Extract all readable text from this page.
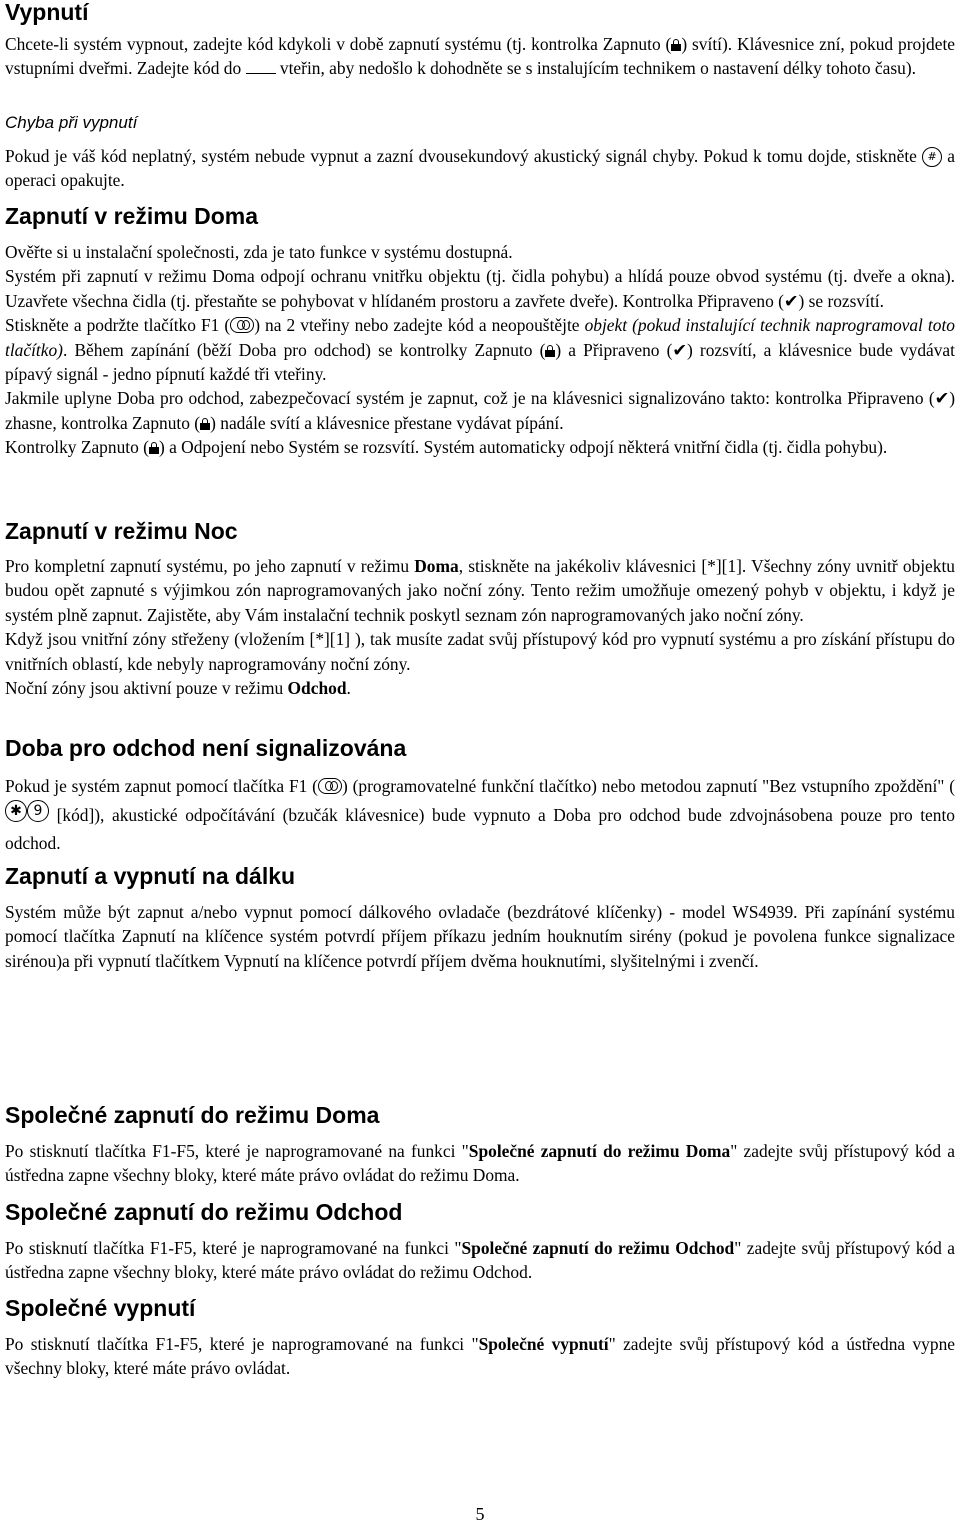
Vypnutí

Chcete-li systém vypnout, zadejte kód kdykoli v době zapnutí systému (tj. kontrolka Zapnuto ( ) svítí). Klávesnice zní, pokud projdete vstupními dveřmi. Zadejte kód do vteřin, aby nedošlo k dohodněte se s instalujícím technikem o nastavení délky tohoto času).

Chyba při vypnutí

Pokud je váš kód neplatný, systém nebude vypnut a zazní dvousekundový akustický signál chyby. Pokud k tomu dojde, stiskněte # a operaci opakujte.

Zapnutí v režimu Doma

Ověřte si u instalační společnosti, zda je tato funkce v systému dostupná.

Systém při zapnutí v režimu Doma odpojí ochranu vnitřku objektu (tj. čidla pohybu) a hlídá pouze obvod systému (tj. dveře a okna). Uzavřete všechna čidla (tj. přestaňte se pohybovat v hlídaném prostoru a zavřete dveře). Kontrolka Připraveno (✔) se rozsvítí.

Stiskněte a podržte tlačítko F1 ( ) na 2 vteřiny nebo zadejte kód a neopouštějte objekt (pokud instalující technik naprogramoval toto tlačítko). Během zapínání (běží Doba pro odchod) se kontrolky Zapnuto ( ) a Připraveno (✔) rozsvítí, a klávesnice bude vydávat pípavý signál - jedno pípnutí každé tři vteřiny.

Jakmile uplyne Doba pro odchod, zabezpečovací systém je zapnut, což je na klávesnici signalizováno takto: kontrolka Připraveno (✔) zhasne, kontrolka Zapnuto ( ) nadále svítí a klávesnice přestane vydávat pípání.

Kontrolky Zapnuto ( ) a Odpojení nebo Systém se rozsvítí. Systém automaticky odpojí některá vnitřní čidla (tj. čidla pohybu).

Zapnutí v režimu Noc

Pro kompletní zapnutí systému, po jeho zapnutí v režimu Doma, stiskněte na jakékoliv klávesnici [*][1]. Všechny zóny uvnitř objektu budou opět zapnuté s výjimkou zón naprogramovaných jako noční zóny. Tento režim umožňuje omezený pohyb v objektu, i když je systém plně zapnut. Zajistěte, aby Vám instalační technik poskytl seznam zón naprogramovaných jako noční zóny.

Když jsou vnitřní zóny střeženy (vložením [*][1] ), tak musíte zadat svůj přístupový kód pro vypnutí systému a pro získání přístupu do vnitřních oblastí, kde nebyly naprogramovány noční zóny.

Noční zóny jsou aktivní pouze v režimu Odchod.

Doba pro odchod není signalizována

Pokud je systém zapnut pomocí tlačítka F1 ( ) (programovatelné funkční tlačítko) nebo metodou zapnutí "Bez vstupního zpoždění" (✱ 9 [kód]), akustické odpočítávání (bzučák klávesnice) bude vypnuto a Doba pro odchod bude zdvojnásobena pouze pro tento odchod.

Zapnutí a vypnutí na dálku

Systém může být zapnut a/nebo vypnut pomocí dálkového ovladače (bezdrátové klíčenky) - model WS4939. Při zapínání systému pomocí tlačítka Zapnutí na klíčence systém potvrdí příjem příkazu jedním houknutím sirény (pokud je povolena funkce signalizace sirénou)a při vypnutí tlačítkem Vypnutí na klíčence potvrdí příjem dvěma houknutími, slyšitelnými i zvenčí.

Společné zapnutí do režimu Doma

Po stisknutí tlačítka F1-F5, které je naprogramované na funkci "Společné zapnutí do režimu Doma" zadejte svůj přístupový kód a ústředna zapne všechny bloky, které máte právo ovládat do režimu Doma.

Společné zapnutí do režimu Odchod

Po stisknutí tlačítka F1-F5, které je naprogramované na funkci "Společné zapnutí do režimu Odchod" zadejte svůj přístupový kód a ústředna zapne všechny bloky, které máte právo ovládat do režimu Odchod.

Společné vypnutí

Po stisknutí tlačítka F1-F5, které je naprogramované na funkci "Společné vypnutí" zadejte svůj přístupový kód a ústředna vypne všechny bloky, které máte právo ovládat.

5
